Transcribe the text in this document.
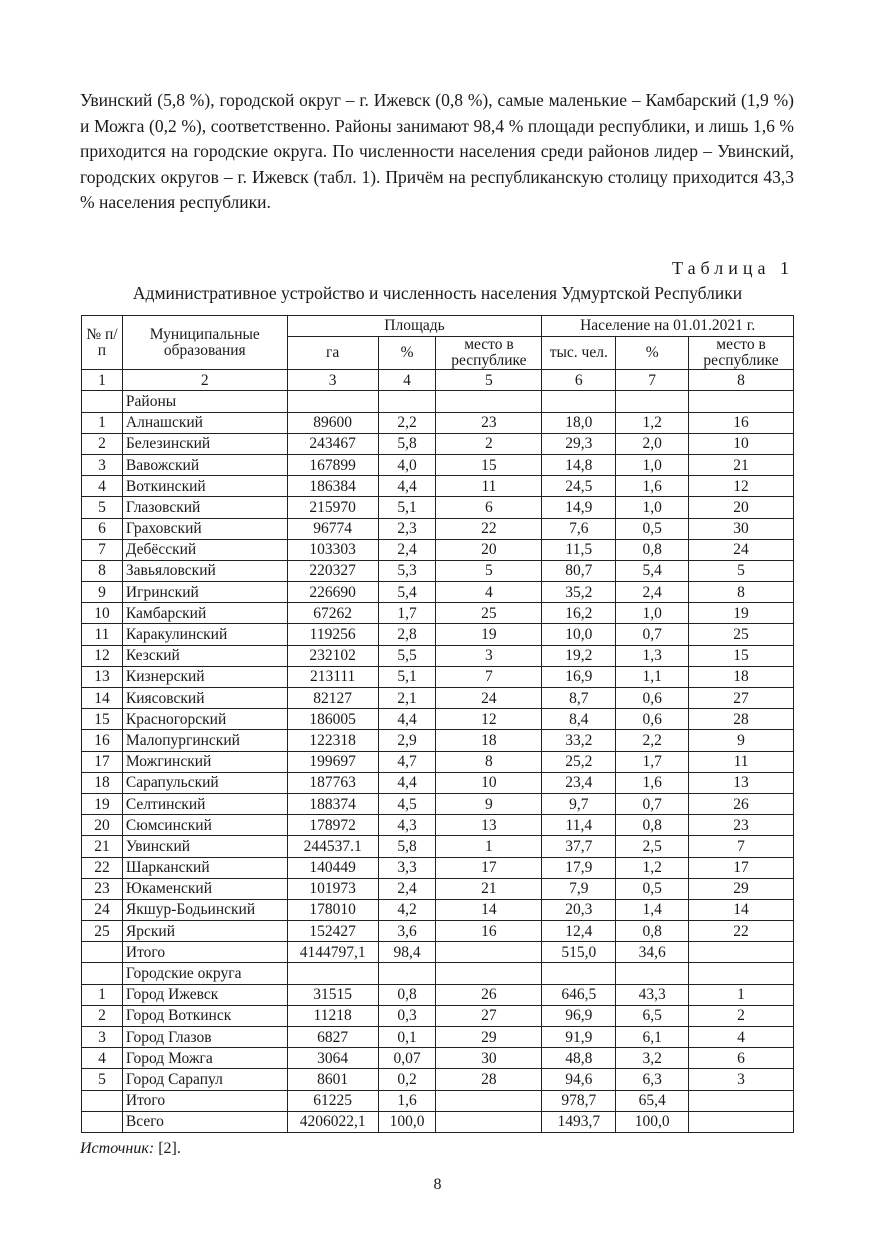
Увинский (5,8 %), городской округ – г. Ижевск (0,8 %), самые маленькие – Камбарский (1,9 %) и Можга (0,2 %), соответственно. Районы занимают 98,4 % площади республики, и лишь 1,6 % приходится на городские округа. По численности населения среди районов лидер – Увинский, городских округов – г. Ижевск (табл. 1). Причём на республиканскую столицу приходится 43,3 % населения республики.

Таблица 1

Административное устройство и численность населения Удмуртской Республики

№ п/п	Муниципальные образования	Площадь			Население на 01.01.2021 г.		
		га	%	место в республике	тыс. чел.	%	место в республике
1	2	3	4	5	6	7	8
	Районы						
1	Алнашский	89600	2,2	23	18,0	1,2	16
2	Белезинский	243467	5,8	2	29,3	2,0	10
3	Вавожский	167899	4,0	15	14,8	1,0	21
4	Воткинский	186384	4,4	11	24,5	1,6	12
5	Глазовский	215970	5,1	6	14,9	1,0	20
6	Граховский	96774	2,3	22	7,6	0,5	30
7	Дебёсский	103303	2,4	20	11,5	0,8	24
8	Завьяловский	220327	5,3	5	80,7	5,4	5
9	Игринский	226690	5,4	4	35,2	2,4	8
10	Камбарский	67262	1,7	25	16,2	1,0	19
11	Каракулинский	119256	2,8	19	10,0	0,7	25
12	Кезский	232102	5,5	3	19,2	1,3	15
13	Кизнерский	213111	5,1	7	16,9	1,1	18
14	Киясовский	82127	2,1	24	8,7	0,6	27
15	Красногорский	186005	4,4	12	8,4	0,6	28
16	Малопургинский	122318	2,9	18	33,2	2,2	9
17	Можгинский	199697	4,7	8	25,2	1,7	11
18	Сарапульский	187763	4,4	10	23,4	1,6	13
19	Селтинский	188374	4,5	9	9,7	0,7	26
20	Сюмсинский	178972	4,3	13	11,4	0,8	23
21	Увинский	244537.1	5,8	1	37,7	2,5	7
22	Шарканский	140449	3,3	17	17,9	1,2	17
23	Юкаменский	101973	2,4	21	7,9	0,5	29
24	Якшур-Бодьинский	178010	4,2	14	20,3	1,4	14
25	Ярский	152427	3,6	16	12,4	0,8	22
	Итого	4144797,1	98,4		515,0	34,6	
	Городские округа						
1	Город Ижевск	31515	0,8	26	646,5	43,3	1
2	Город Воткинск	11218	0,3	27	96,9	6,5	2
3	Город Глазов	6827	0,1	29	91,9	6,1	4
4	Город Можга	3064	0,07	30	48,8	3,2	6
5	Город Сарапул	8601	0,2	28	94,6	6,3	3
	Итого	61225	1,6		978,7	65,4	
	Всего	4206022,1	100,0		1493,7	100,0	

Источник: [2].

8
